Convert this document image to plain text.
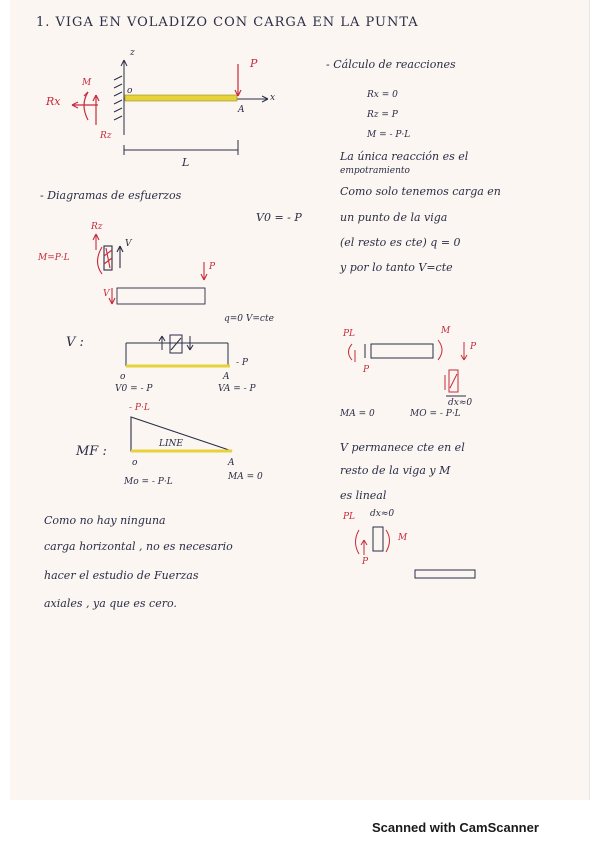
1. VIGA EN VOLADIZO CON CARGA EN LA PUNTA
z
o
A
x
P
Rx
M
Rz
L
- Cálculo de reacciones
Rx = 0
Rz = P
M = - P·L
La única reacción es el
empotramiento
- Diagramas de esfuerzos
V0 = - P
M=P·L
Rz
V
P
V
Como solo tenemos carga en
un punto de la viga
(el resto es cte) q = 0
y por lo tanto V=cte
q=0 V=cte
V :
- P
o	A
V0 = - P	VA = - P
PL	M
P
P
dx≈0
MA = 0	MO = - P·L
MF :
- P·L
LINE
o	A
Mo = - P·L	MA = 0
V permanece cte en el
resto de la viga y M
es lineal
PL dx≈0
M
P
Como no hay ninguna
carga horizontal , no es necesario
hacer el estudio de Fuerzas
axiales , ya que es cero.
Scanned with CamScanner
